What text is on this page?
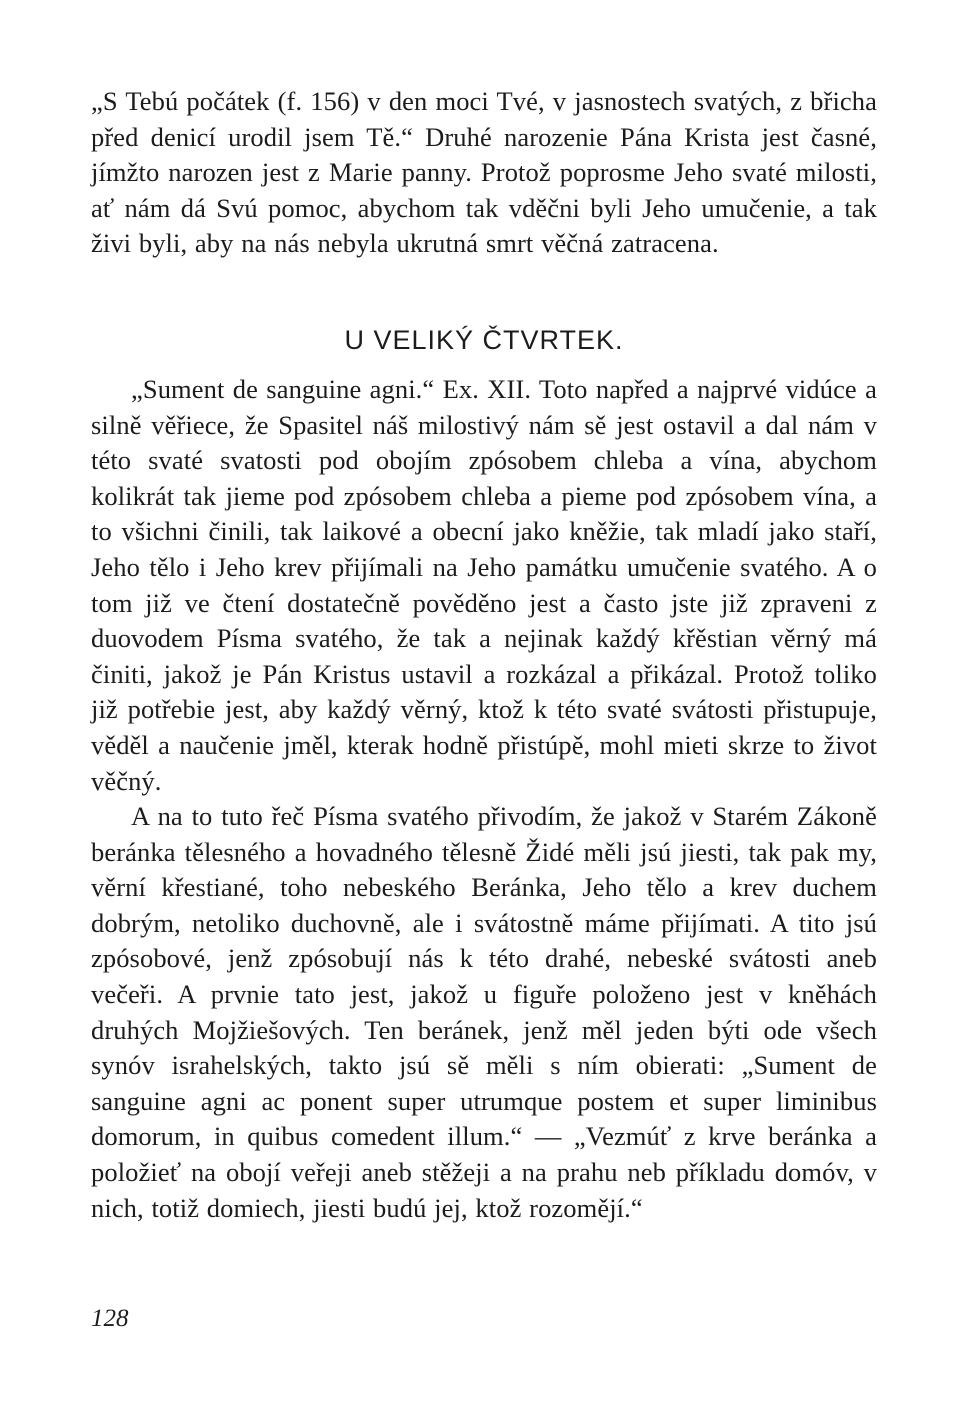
„S Tebú počátek (f. 156) v den moci Tvé, v jasnostech svatých, z břicha před denicí urodil jsem Tě.“ Druhé narozenie Pána Krista jest časné, jímžto narozen jest z Marie panny. Protož poprosme Jeho svaté milosti, ať nám dá Svú pomoc, abychom tak vděčni byli Jeho umučenie, a tak živi byli, aby na nás nebyla ukrutná smrt věčná zatracena.

U VELIKÝ ČTVRTEK.

„Sument de sanguine agni.“ Ex. XII. Toto napřed a najprvé vidúce a silně věřiece, že Spasitel náš milostivý nám sě jest ostavil a dal nám v této svaté svatosti pod obojím zpósobem chleba a vína, abychom kolikrát tak jieme pod zpósobem chleba a pieme pod zpósobem vína, a to všichni činili, tak laikové a obecní jako kněžie, tak mladí jako staří, Jeho tělo i Jeho krev přijímali na Jeho památku umučenie svatého. A o tom již ve čtení dostatečně pověděno jest a často jste již zpraveni z duovodem Písma svatého, že tak a nejinak každý křěstian věrný má činiti, jakož je Pán Kristus ustavil a rozkázal a přikázal. Protož toliko již potřebie jest, aby každý věrný, ktož k této svaté svátosti přistupuje, věděl a naučenie jměl, kterak hodně přistúpě, mohl mieti skrze to život věčný.

A na to tuto řeč Písma svatého přivodím, že jakož v Starém Zákoně beránka tělesného a hovadného tělesně Židé měli jsú jiesti, tak pak my, věrní křestiané, toho nebeského Beránka, Jeho tělo a krev duchem dobrým, netoliko duchovně, ale i svátostně máme přijímati. A tito jsú zpósobové, jenž zpósobují nás k této drahé, nebeské svátosti aneb večeři. A prvnie tato jest, jakož u figuře položeno jest v kněhách druhých Mojžiešových. Ten beránek, jenž měl jeden býti ode všech synóv israhelských, takto jsú sě měli s ním obierati: „Sument de sanguine agni ac ponent super utrumque postem et super liminibus domorum, in quibus comedent illum.“ — „Vezmúť z krve beránka a položieť na obojí veřeji aneb stěžeji a na prahu neb příkladu domóv, v nich, totiž domiech, jiesti budú jej, ktož rozomějí.“

128
